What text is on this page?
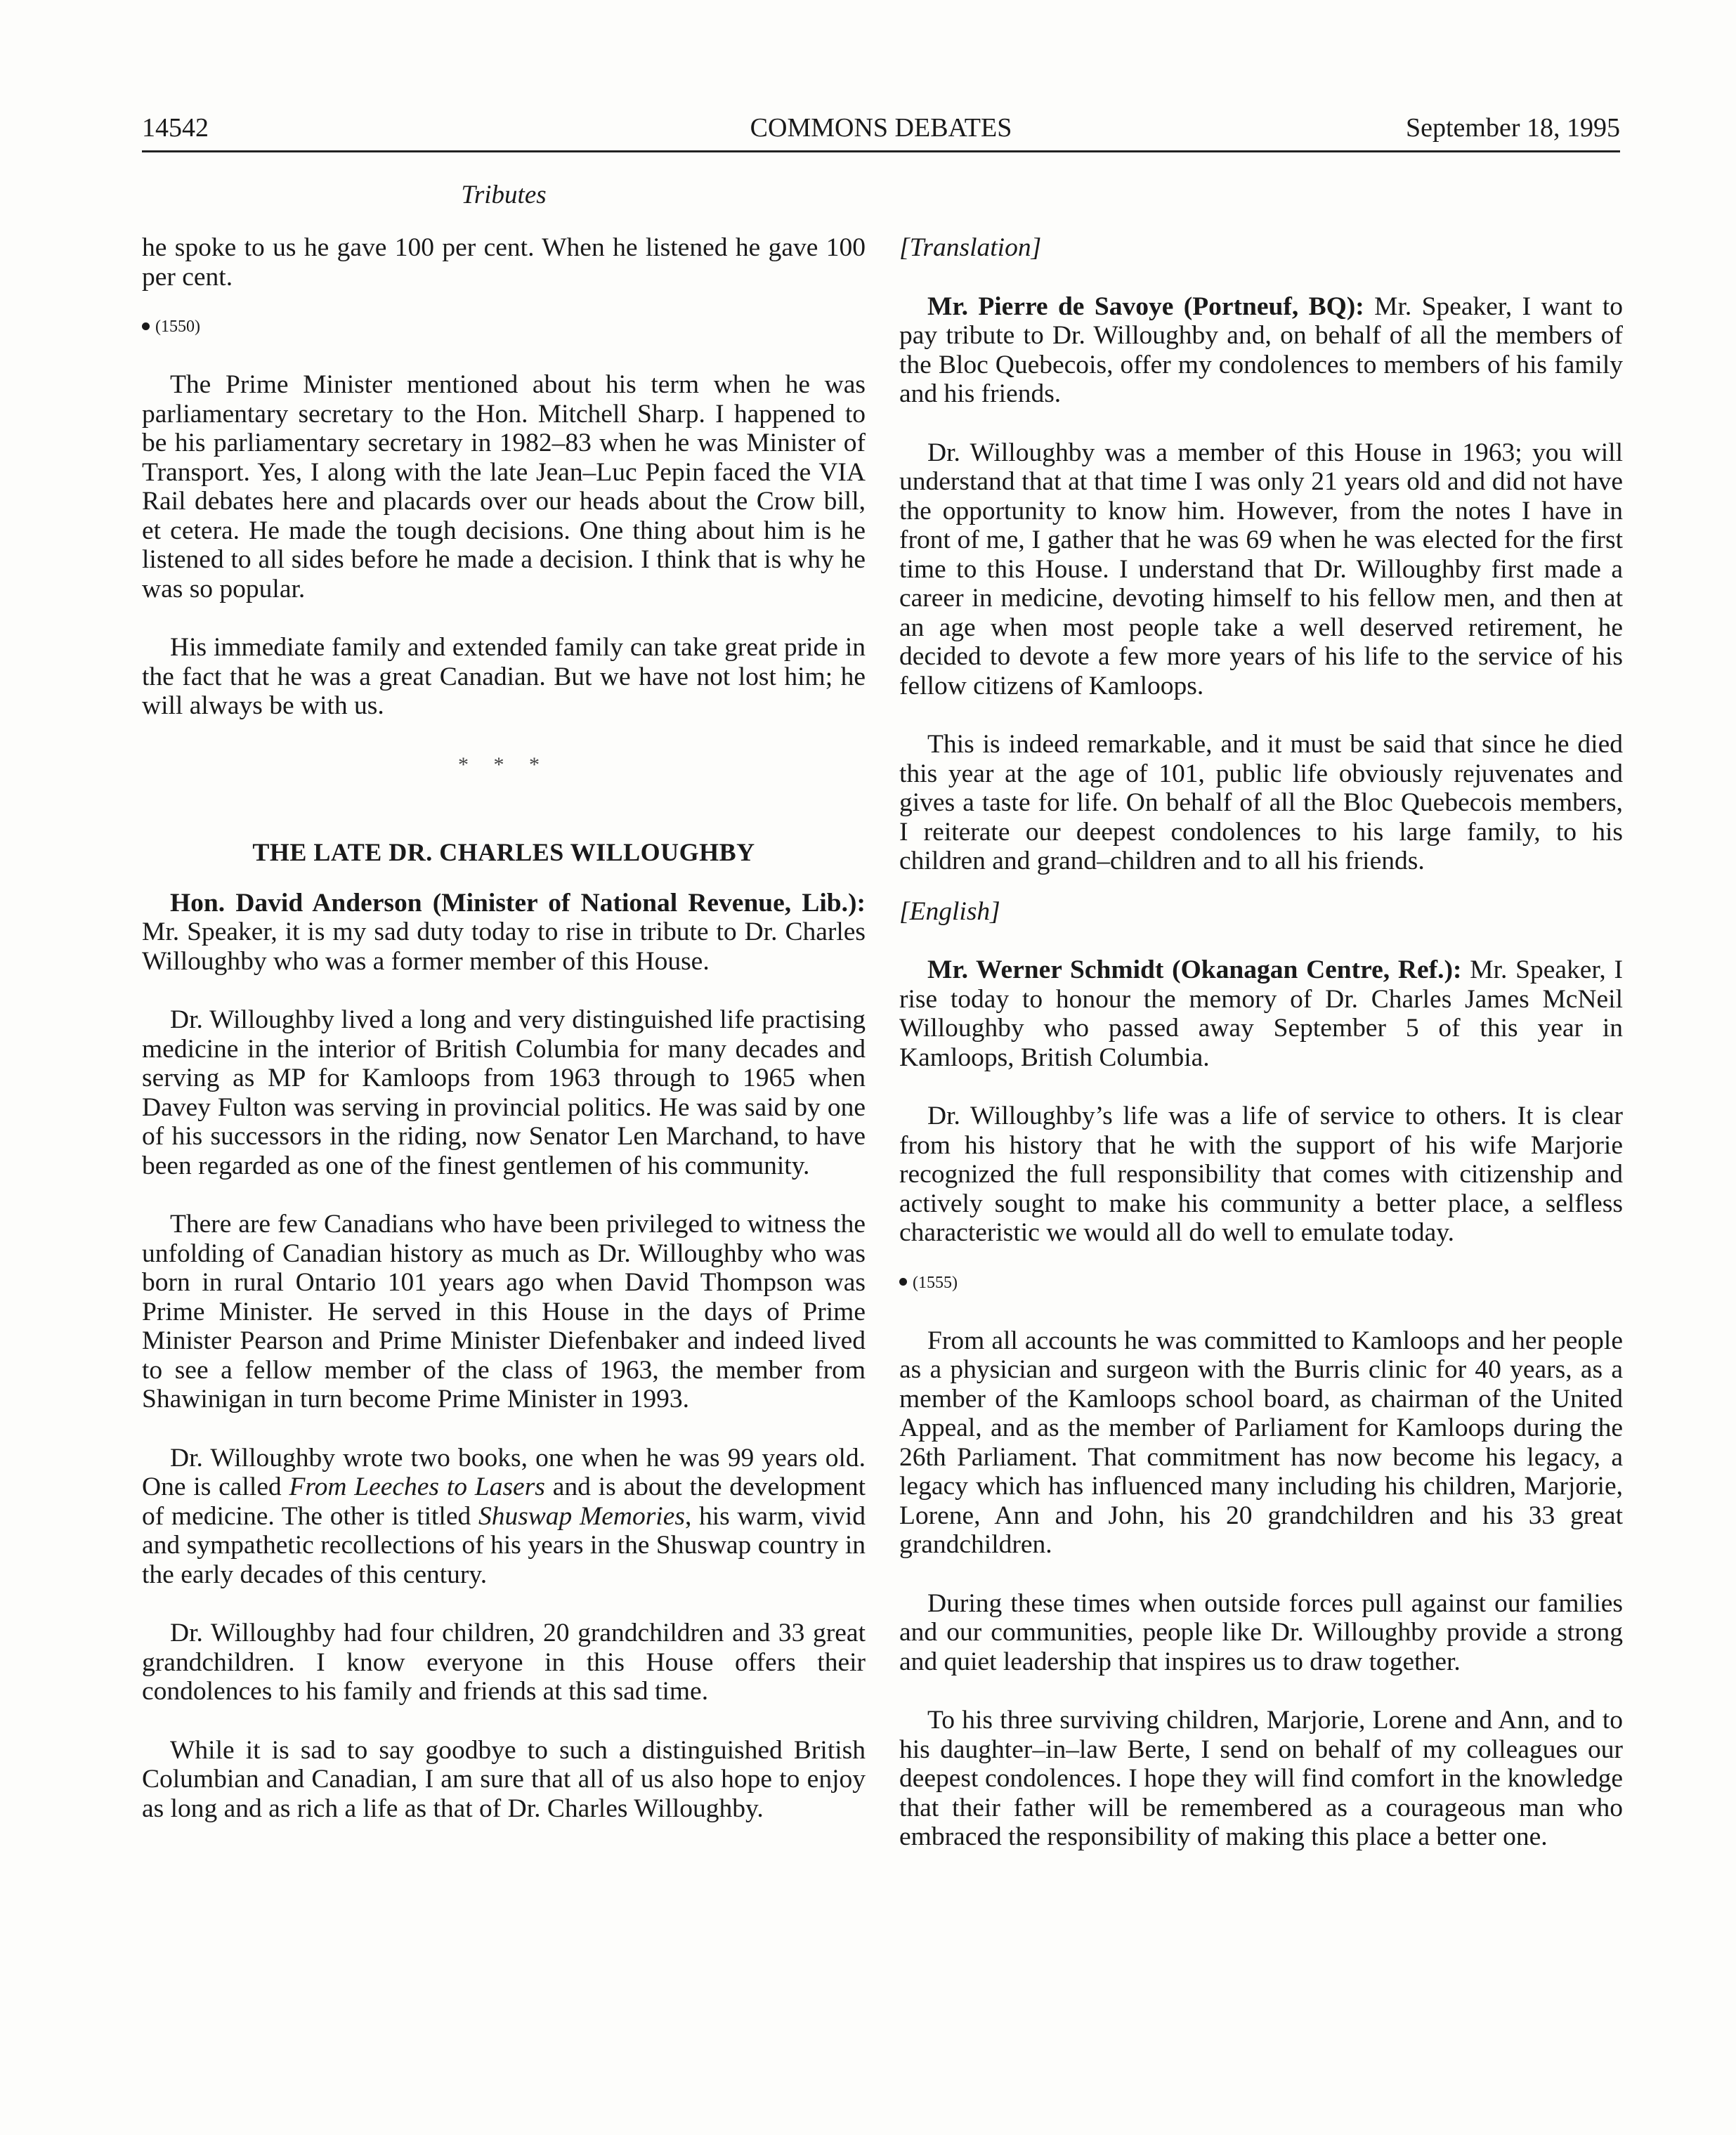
14542	COMMONS DEBATES	September 18, 1995
Tributes

he spoke to us he gave 100 per cent. When he listened he gave 100 per cent.

(1550)

The Prime Minister mentioned about his term when he was parliamentary secretary to the Hon. Mitchell Sharp. I happened to be his parliamentary secretary in 1982–83 when he was Minister of Transport. Yes, I along with the late Jean–Luc Pepin faced the VIA Rail debates here and placards over our heads about the Crow bill, et cetera. He made the tough decisions. One thing about him is he listened to all sides before he made a decision. I think that is why he was so popular.

His immediate family and extended family can take great pride in the fact that he was a great Canadian. But we have not lost him; he will always be with us.

* * *
THE LATE DR. CHARLES WILLOUGHBY

Hon. David Anderson (Minister of National Revenue, Lib.): Mr. Speaker, it is my sad duty today to rise in tribute to Dr. Charles Willoughby who was a former member of this House.

Dr. Willoughby lived a long and very distinguished life practising medicine in the interior of British Columbia for many decades and serving as MP for Kamloops from 1963 through to 1965 when Davey Fulton was serving in provincial politics. He was said by one of his successors in the riding, now Senator Len Marchand, to have been regarded as one of the finest gentlemen of his community.

There are few Canadians who have been privileged to witness the unfolding of Canadian history as much as Dr. Willoughby who was born in rural Ontario 101 years ago when David Thompson was Prime Minister. He served in this House in the days of Prime Minister Pearson and Prime Minister Diefenbaker and indeed lived to see a fellow member of the class of 1963, the member from Shawinigan in turn become Prime Minister in 1993.

Dr. Willoughby wrote two books, one when he was 99 years old. One is called From Leeches to Lasers and is about the development of medicine. The other is titled Shuswap Memories, his warm, vivid and sympathetic recollections of his years in the Shuswap country in the early decades of this century.

Dr. Willoughby had four children, 20 grandchildren and 33 great grandchildren. I know everyone in this House offers their condolences to his family and friends at this sad time.

While it is sad to say goodbye to such a distinguished British Columbian and Canadian, I am sure that all of us also hope to enjoy as long and as rich a life as that of Dr. Charles Willoughby.

[Translation]

Mr. Pierre de Savoye (Portneuf, BQ): Mr. Speaker, I want to pay tribute to Dr. Willoughby and, on behalf of all the members of the Bloc Quebecois, offer my condolences to members of his family and his friends.

Dr. Willoughby was a member of this House in 1963; you will understand that at that time I was only 21 years old and did not have the opportunity to know him. However, from the notes I have in front of me, I gather that he was 69 when he was elected for the first time to this House. I understand that Dr. Willoughby first made a career in medicine, devoting himself to his fellow men, and then at an age when most people take a well deserved retirement, he decided to devote a few more years of his life to the service of his fellow citizens of Kamloops.

This is indeed remarkable, and it must be said that since he died this year at the age of 101, public life obviously rejuvenates and gives a taste for life. On behalf of all the Bloc Quebecois members, I reiterate our deepest condolences to his large family, to his children and grand–children and to all his friends.

[English]

Mr. Werner Schmidt (Okanagan Centre, Ref.): Mr. Speaker, I rise today to honour the memory of Dr. Charles James McNeil Willoughby who passed away September 5 of this year in Kamloops, British Columbia.

Dr. Willoughby’s life was a life of service to others. It is clear from his history that he with the support of his wife Marjorie recognized the full responsibility that comes with citizenship and actively sought to make his community a better place, a selfless characteristic we would all do well to emulate today.

(1555)

From all accounts he was committed to Kamloops and her people as a physician and surgeon with the Burris clinic for 40 years, as a member of the Kamloops school board, as chairman of the United Appeal, and as the member of Parliament for Kamloops during the 26th Parliament. That commitment has now become his legacy, a legacy which has influenced many including his children, Marjorie, Lorene, Ann and John, his 20 grandchildren and his 33 great grandchildren.

During these times when outside forces pull against our families and our communities, people like Dr. Willoughby provide a strong and quiet leadership that inspires us to draw together.

To his three surviving children, Marjorie, Lorene and Ann, and to his daughter–in–law Berte, I send on behalf of my colleagues our deepest condolences. I hope they will find comfort in the knowledge that their father will be remembered as a courageous man who embraced the responsibility of making this place a better one.
